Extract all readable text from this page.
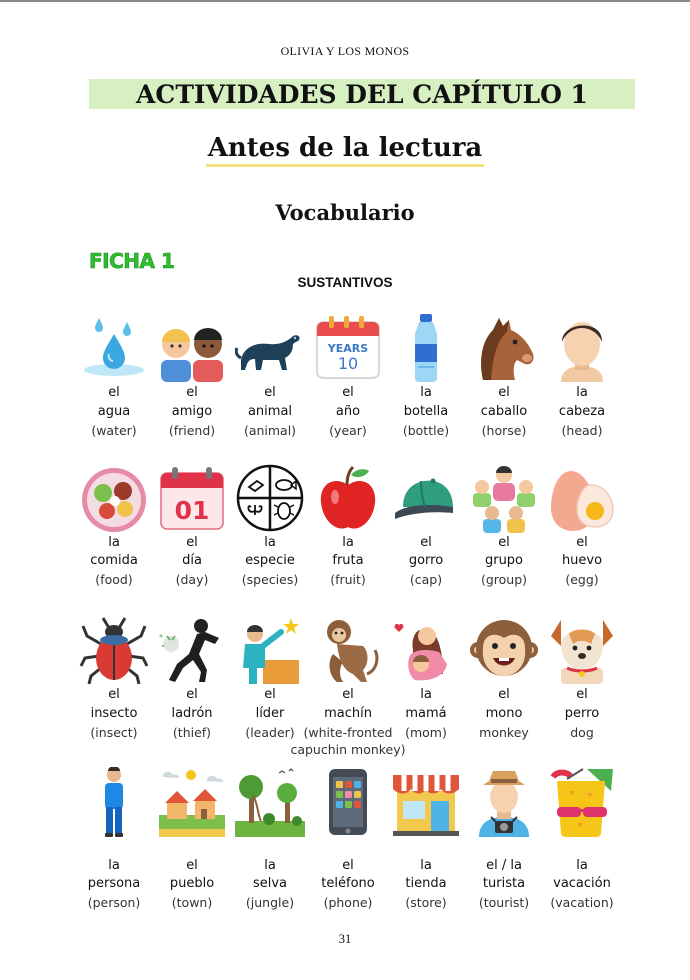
OLIVIA Y LOS MONOS
ACTIVIDADES DEL CAPÍTULO 1
Antes de la lectura
Vocabulario
FICHA 1
SUSTANTIVOS
el
agua
(water)
el
amigo
(friend)
el
animal
(animal)
YEARS
10
el
año
(year)
la
botella
(bottle)
el
caballo
(horse)
la
cabeza
(head)
la
comida
(food)
01
el
día
(day)
la
especie
(species)
la
fruta
(fruit)
el
gorro
(cap)
el
grupo
(group)
el
huevo
(egg)
el
insecto
(insect)
el
ladrón
(thief)
el
líder
(leader)
el
machín
(white-fronted capuchin monkey)
la
mamá
(mom)
el
mono
monkey
el
perro
dog
la
persona
(person)
el
pueblo
(town)
la
selva
(jungle)
el
teléfono
(phone)
la
tienda
(store)
el / la
turista
(tourist)
la
vacación
(vacation)
31
